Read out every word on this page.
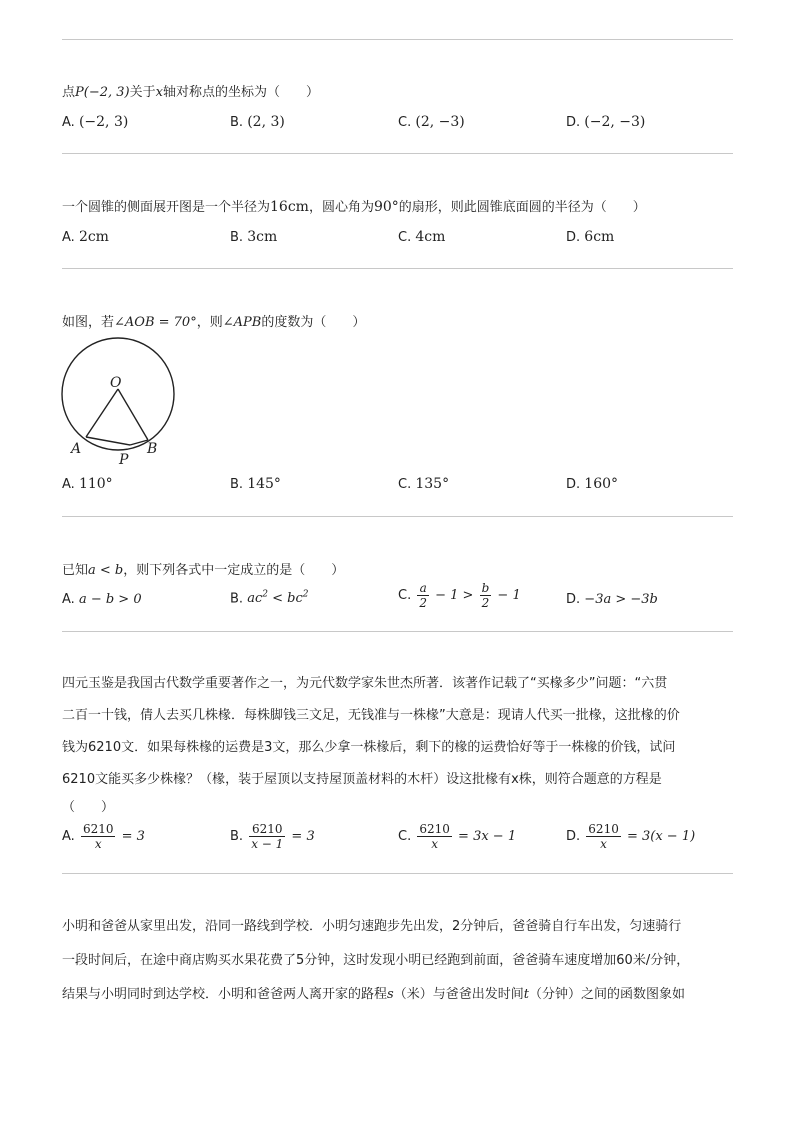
点P(−2, 3)关于x轴对称点的坐标为（　　）
A. (−2, 3)	B. (2, 3)	C. (2, −3)	D. (−2, −3)
一个圆锥的侧面展开图是一个半径为16cm，圆心角为90°的扇形，则此圆锥底面圆的半径为（　　）
A. 2cm	B. 3cm	C. 4cm	D. 6cm
如图，若∠AOB = 70°，则∠APB的度数为（　　）
O
A	B
P
A. 110°	B. 145°	C. 135°	D. 160°
已知a < b，则下列各式中一定成立的是（　　）
A. a − b > 0	B. $ac^2 < bc^2$	C. $\frac{a}{2} - 1 > \frac{b}{2} - 1$	D. −3a > −3b
四元玉鉴是我国古代数学重要著作之一，为元代数学家朱世杰所著．该著作记载了“买椽多少”问题：“六贯
二百一十钱，倩人去买几株椽．每株脚钱三文足，无钱准与一株椽”大意是：现请人代买一批椽，这批椽的价
钱为6210文．如果每株椽的运费是3文，那么少拿一株椽后，剩下的椽的运费恰好等于一株椽的价钱，试问
6210文能买多少株椽？（椽，装于屋顶以支持屋顶盖材料的木杆）设这批椽有x株，则符合题意的方程是
（　　）
A. $\frac{6210}{x} = 3$	B. $\frac{6210}{x - 1} = 3$	C. $\frac{6210}{x} = 3x - 1$	D. $\frac{6210}{x} = 3(x - 1)$
小明和爸爸从家里出发，沿同一路线到学校．小明匀速跑步先出发，2分钟后，爸爸骑自行车出发，匀速骑行
一段时间后，在途中商店购买水果花费了5分钟，这时发现小明已经跑到前面，爸爸骑车速度增加60米/分钟，
结果与小明同时到达学校．小明和爸爸两人离开家的路程s（米）与爸爸出发时间t（分钟）之间的函数图象如
